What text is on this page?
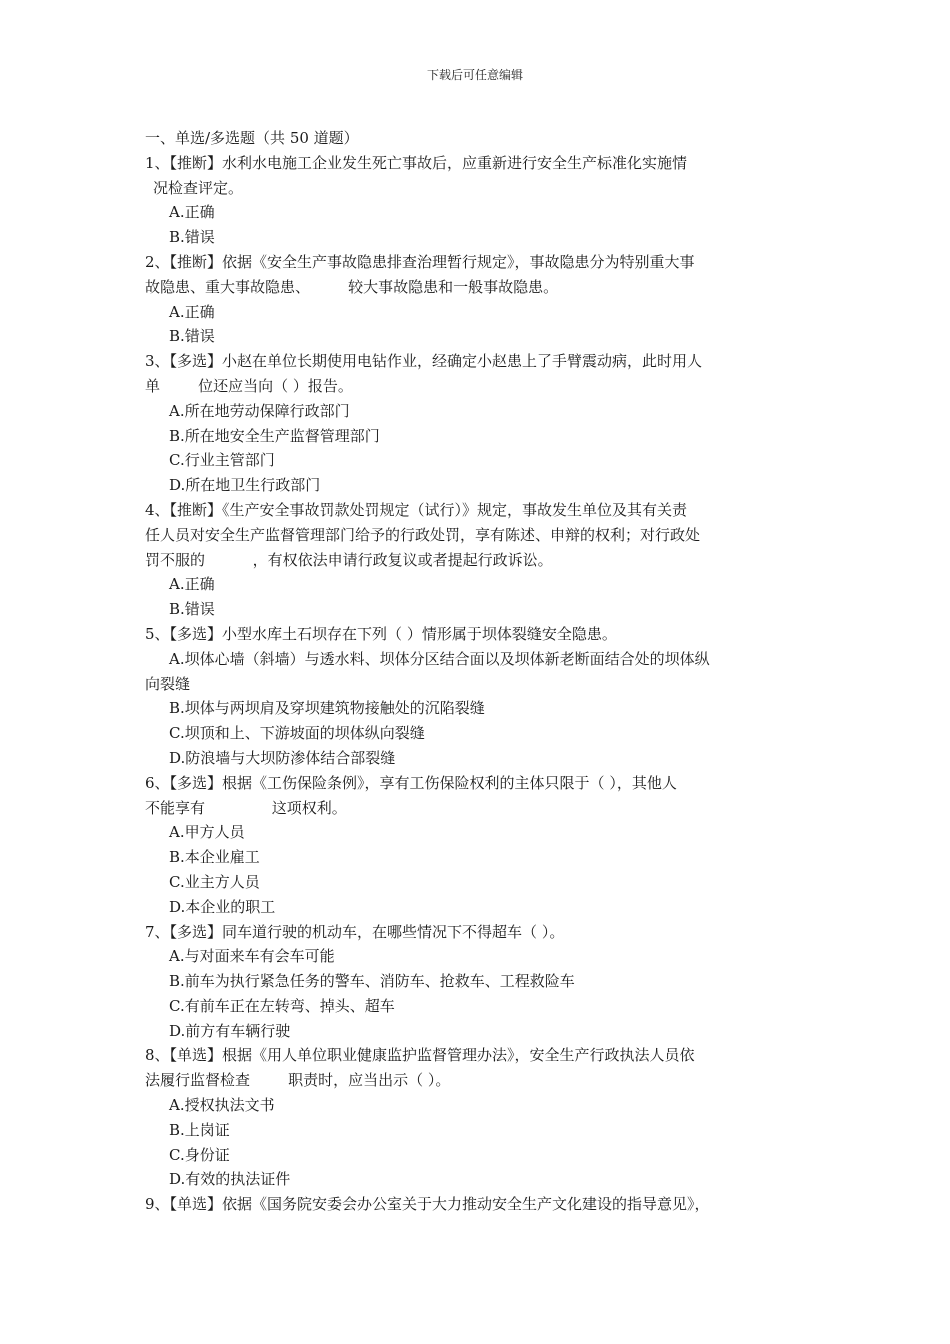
下载后可任意编辑
一、单选/多选题（共 50 道题）
1、【推断】水利水电施工企业发生死亡事故后，应重新进行安全生产标准化实施情
况检查评定。
A.正确
B.错误
2、【推断】依据《安全生产事故隐患排查治理暂行规定》，事故隐患分为特别重大事
故隐患、重大事故隐患、        较大事故隐患和一般事故隐患。
A.正确
B.错误
3、【多选】小赵在单位长期使用电钻作业，经确定小赵患上了手臂震动病，此时用人
单        位还应当向（ ）报告。
A.所在地劳动保障行政部门
B.所在地安全生产监督管理部门
C.行业主管部门
D.所在地卫生行政部门
4、【推断】《生产安全事故罚款处罚规定（试行）》规定，事故发生单位及其有关责
任人员对安全生产监督管理部门给予的行政处罚，享有陈述、申辩的权利；对行政处
罚不服的          ，有权依法申请行政复议或者提起行政诉讼。
A.正确
B.错误
5、【多选】小型水库土石坝存在下列（ ）情形属于坝体裂缝安全隐患。
A.坝体心墙（斜墙）与透水料、坝体分区结合面以及坝体新老断面结合处的坝体纵
向裂缝
B.坝体与两坝肩及穿坝建筑物接触处的沉陷裂缝
C.坝顶和上、下游坡面的坝体纵向裂缝
D.防浪墙与大坝防渗体结合部裂缝
6、【多选】根据《工伤保险条例》，享有工伤保险权利的主体只限于（ ），其他人
不能享有              这项权利。
A.甲方人员
B.本企业雇工
C.业主方人员
D.本企业的职工
7、【多选】同车道行驶的机动车，在哪些情况下不得超车（ ）。
A.与对面来车有会车可能
B.前车为执行紧急任务的警车、消防车、抢救车、工程救险车
C.有前车正在左转弯、掉头、超车
D.前方有车辆行驶
8、【单选】根据《用人单位职业健康监护监督管理办法》，安全生产行政执法人员依
法履行监督检查        职责时，应当出示（ ）。
A.授权执法文书
B.上岗证
C.身份证
D.有效的执法证件
9、【单选】依据《国务院安委会办公室关于大力推动安全生产文化建设的指导意见》，
